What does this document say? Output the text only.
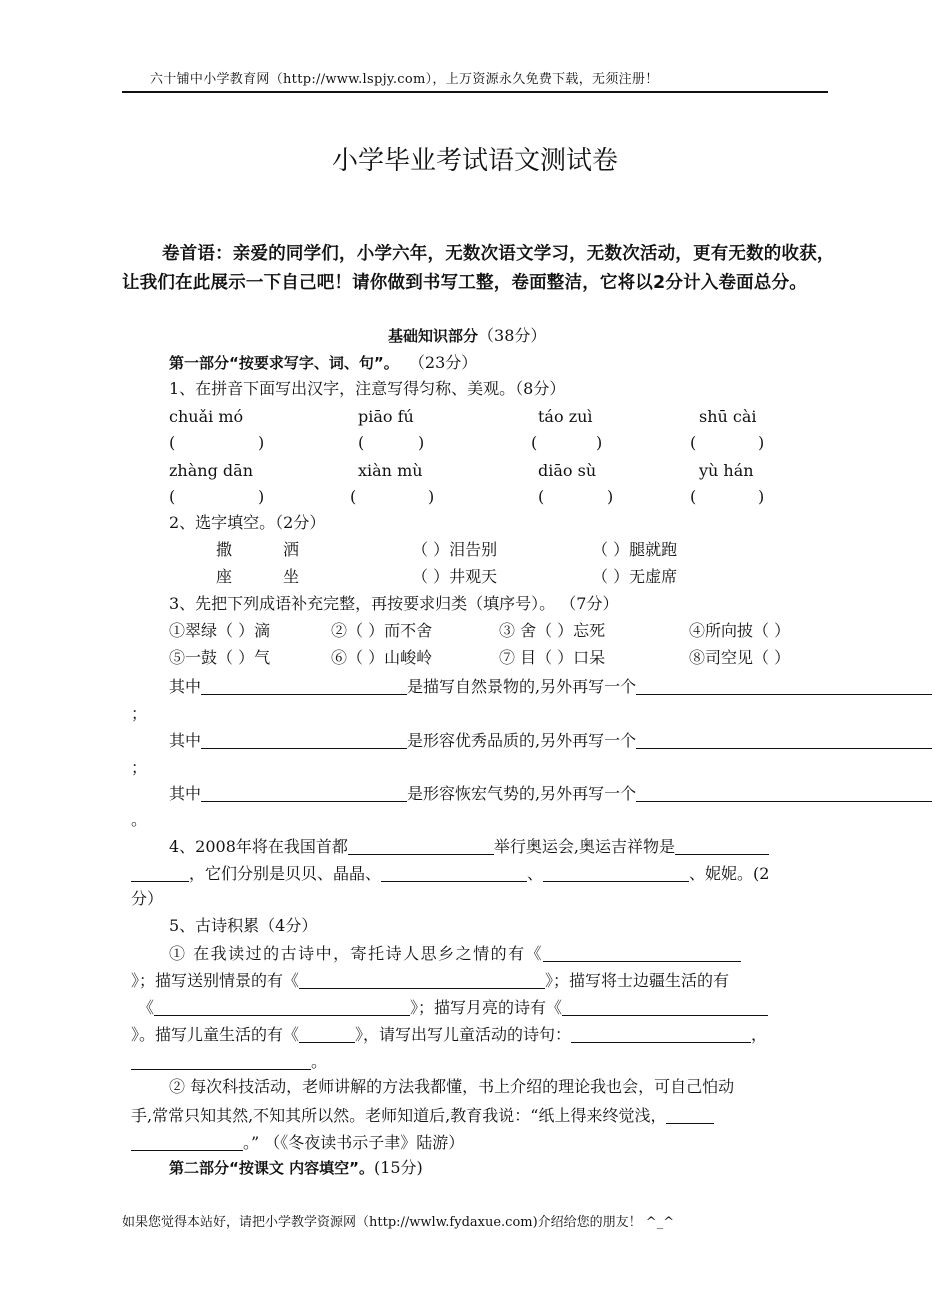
六十铺中小学教育网（http://www.lspjy.com），上万资源永久免费下载，无须注册！
小学毕业考试语文测试卷
卷首语：亲爱的同学们，小学六年，无数次语文学习，无数次活动，更有无数的收获，让我们在此展示一下自己吧！请你做到书写工整，卷面整洁，它将以2分计入卷面总分。
基础知识部分（38分）
第一部分“按要求写字、词、句”。 （23分）
1、在拼音下面写出汉字，注意写得匀称、美观。（8分）
chuǎi mó	piāo fú	táo zuì	shū cài
(	)	(	)	(	)	(	)
zhàng dān	xiàn mù	diāo sù	yù hán
(	)	(	)	(	)	(	)
2、选字填空。（2分）
撒	洒	（ ）泪告别	（ ）腿就跑
座	坐	（ ）井观天	（ ）无虚席
3、先把下列成语补充完整，再按要求归类（填序号）。 （7分）
①翠绿（ ）滴	②（ ）而不舍	③ 舍（ ）忘死	④所向披（ ）
⑤一鼓（ ）气	⑥（ ）山峻岭	⑦ 目（ ）口呆	⑧司空见（ ）
其中	是描写自然景物的,另外再写一个
；
其中	是形容优秀品质的,另外再写一个
；
其中	是形容恢宏气势的,另外再写一个
。
4、2008年将在我国首都	举行奥运会,奥运吉祥物是
，它们分别是贝贝、晶晶、	、	、妮妮。(2
分）
5、古诗积累（4分）
① 在我读过的古诗中，寄托诗人思乡之情的有《
》；描写送别情景的有《	》；描写将士边疆生活的有
《	》；描写月亮的诗有《
》。描写儿童生活的有《	》，请写出写儿童活动的诗句：	，
。
② 每次科技活动，老师讲解的方法我都懂，书上介绍的理论我也会，可自己怕动
手,常常只知其然,不知其所以然。老师知道后,教育我说：“纸上得来终觉浅，
。” （《冬夜读书示子聿》陆游）
第二部分“按课文 内容填空”。(15分)
如果您觉得本站好，请把小学教学资源网（http://wwlw.fydaxue.com)介绍给您的朋友！ ^_^
